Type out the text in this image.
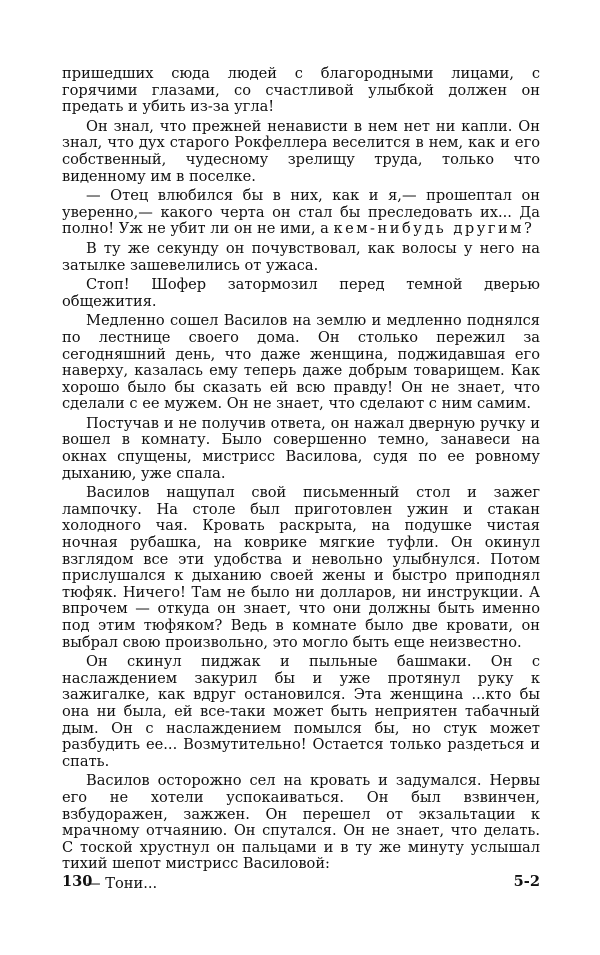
пришедших сюда людей с благородными лицами, с горячими глазами, со счастливой улыбкой должен он предать и убить из-за угла!

Он знал, что прежней ненависти в нем нет ни капли. Он знал, что дух старого Рокфеллера веселится в нем, как и его собственный, чудесному зрелищу труда, только что виденному им в поселке.

— Отец влюбился бы в них, как и я,— прошептал он уверенно,— какого черта он стал бы преследовать их... Да полно! Уж не убит ли он не ими, а кем-нибудь другим?

В ту же секунду он почувствовал, как волосы у него на затылке зашевелились от ужаса.

Стоп! Шофер затормозил перед темной дверью общежития.

Медленно сошел Василов на землю и медленно поднялся по лестнице своего дома. Он столько пережил за сегодняшний день, что даже женщина, поджидавшая его наверху, казалась ему теперь даже добрым товарищем. Как хорошо было бы сказать ей всю правду! Он не знает, что сделали с ее мужем. Он не знает, что сделают с ним самим.

Постучав и не получив ответа, он нажал дверную ручку и вошел в комнату. Было совершенно темно, занавеси на окнах спущены, мистрисс Василова, судя по ее ровному дыханию, уже спала.

Василов нащупал свой письменный стол и зажег лампочку. На столе был приготовлен ужин и стакан холодного чая. Кровать раскрыта, на подушке чистая ночная рубашка, на коврике мягкие туфли. Он окинул взглядом все эти удобства и невольно улыбнулся. Потом прислушался к дыханию своей жены и быстро приподнял тюфяк. Ничего! Там не было ни долларов, ни инструкции. А впрочем — откуда он знает, что они должны быть именно под этим тюфяком? Ведь в комнате было две кровати, он выбрал свою произвольно, это могло быть еще неизвестно.

Он скинул пиджак и пыльные башмаки. Он с наслаждением закурил бы и уже протянул руку к зажигалке, как вдруг остановился. Эта женщина ...кто бы она ни была, ей все-таки может быть неприятен табачный дым. Он с наслаждением помылся бы, но стук может разбудить ее... Возмутительно! Остается только раздеться и спать.

Василов осторожно сел на кровать и задумался. Нервы его не хотели успокаиваться. Он был взвинчен, взбудоражен, зажжен. Он перешел от экзальтации к мрачному отчаянию. Он спутался. Он не знает, что делать. С тоской хрустнул он пальцами и в ту же минуту услышал тихий шепот мистрисс Василовой:

— Тони...

130	5-2
